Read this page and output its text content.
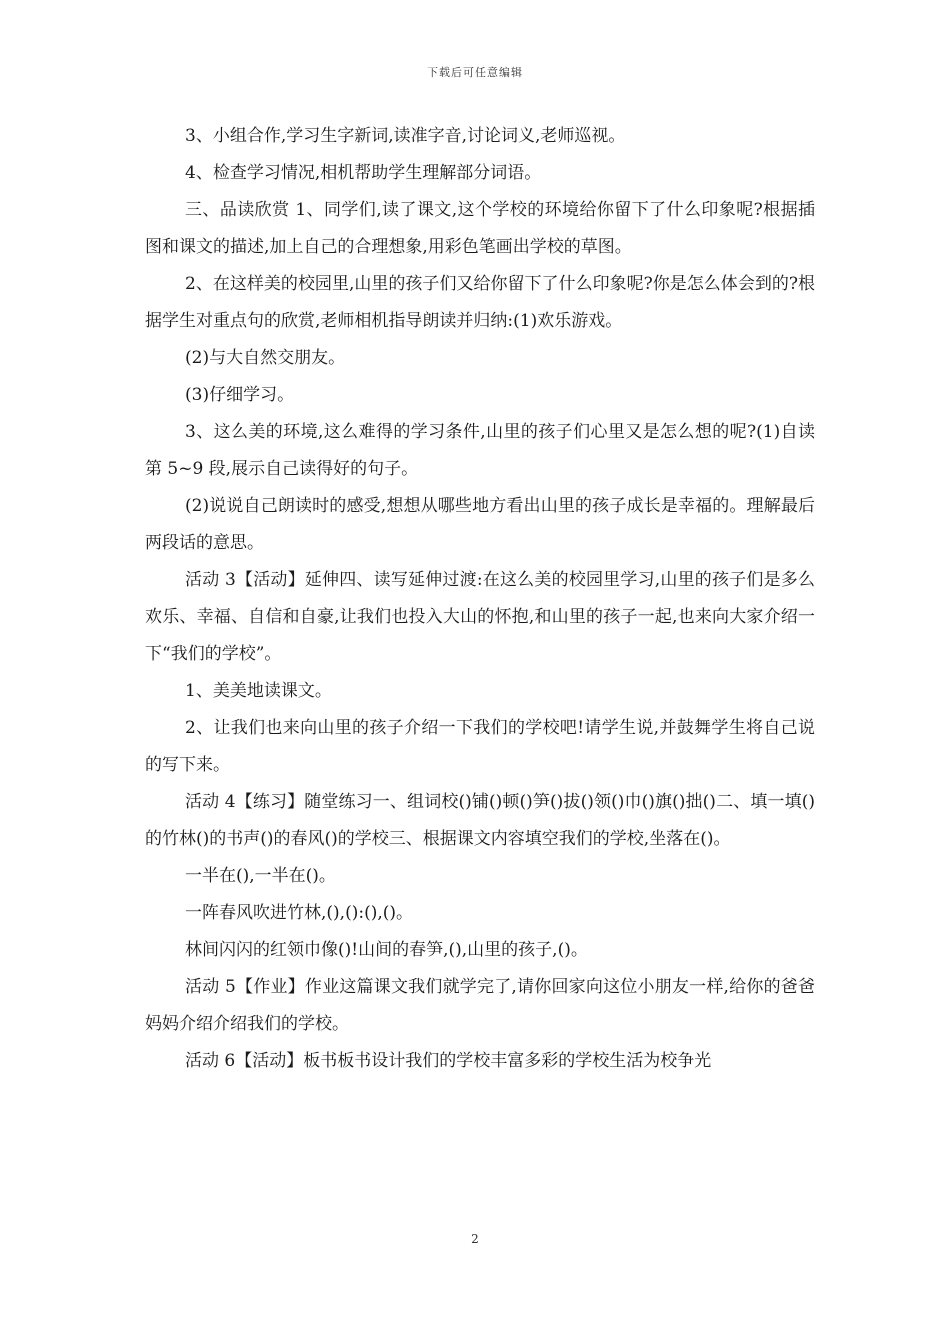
下载后可任意编辑

3、小组合作,学习生字新词,读准字音,讨论词义,老师巡视。

4、检查学习情况,相机帮助学生理解部分词语。

三、品读欣赏 1、同学们,读了课文,这个学校的环境给你留下了什么印象呢?根据插图和课文的描述,加上自己的合理想象,用彩色笔画出学校的草图。

2、在这样美的校园里,山里的孩子们又给你留下了什么印象呢?你是怎么体会到的?根据学生对重点句的欣赏,老师相机指导朗读并归纳:(1)欢乐游戏。

(2)与大自然交朋友。

(3)仔细学习。

3、这么美的环境,这么难得的学习条件,山里的孩子们心里又是怎么想的呢?(1)自读第 5~9 段,展示自己读得好的句子。

(2)说说自己朗读时的感受,想想从哪些地方看出山里的孩子成长是幸福的。理解最后两段话的意思。

活动 3【活动】延伸四、读写延伸过渡:在这么美的校园里学习,山里的孩子们是多么欢乐、幸福、自信和自豪,让我们也投入大山的怀抱,和山里的孩子一起,也来向大家介绍一下“我们的学校”。

1、美美地读课文。

2、让我们也来向山里的孩子介绍一下我们的学校吧!请学生说,并鼓舞学生将自己说的写下来。

活动 4【练习】随堂练习一、组词校()铺()顿()笋()拔()领()巾()旗()拙()二、填一填()的竹林()的书声()的春风()的学校三、根据课文内容填空我们的学校,坐落在()。

一半在(),一半在()。

一阵春风吹进竹林,(),():(),()。

林间闪闪的红领巾像()!山间的春笋,(),山里的孩子,()。

活动 5【作业】作业这篇课文我们就学完了,请你回家向这位小朋友一样,给你的爸爸妈妈介绍介绍我们的学校。

活动 6【活动】板书板书设计我们的学校丰富多彩的学校生活为校争光

2
